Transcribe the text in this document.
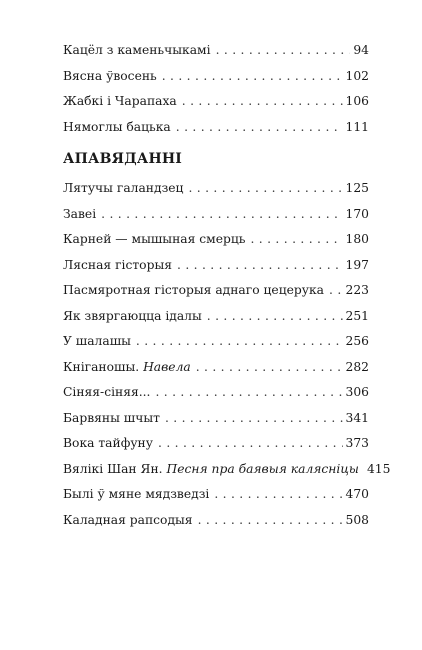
Кацёл з каменьчыкамі . . .	94
Вясна ўвосень . . .	102
Жабкі і Чарапаха . . .	106
Нямоглы бацька . . .	111
АПАВЯДАННІ
Лятучы галандзец . . .	125
Завеі . . .	170
Карней — мышыная смерць . . .	180
Лясная гісторыя . . .	197
Пасмяротная гісторыя аднаго цецерука . . . 223
Як звяргаюцца ідалы . . .	251
У шалашы . . .	256
Кніганошы. Навела . . .	282
Сіняя-сіняя... . . .	306
Барвяны шчыт . . .	341
Вока тайфуну . . .	373
Вялікі Шан Ян. Песня пра баявыя калясніцы 415
Былі ў мяне мядзведзі . . .	470
Каладная рапсодыя . . .	508
